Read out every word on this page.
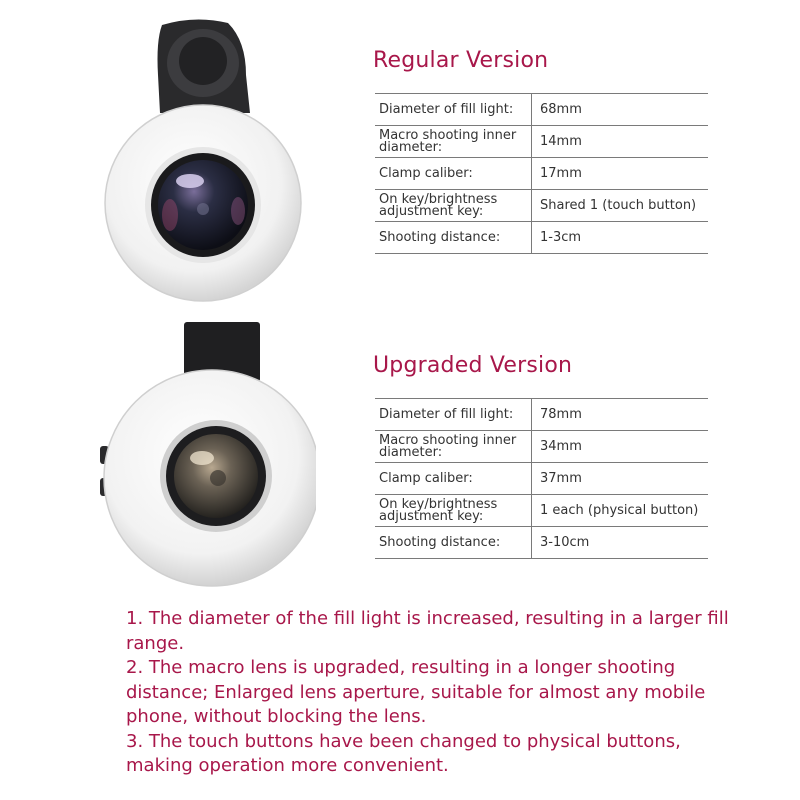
Regular Version
Diameter of fill light:	68mm
Macro shooting inner diameter:	14mm
Clamp caliber:	17mm
On key/brightness adjustment key:	Shared 1 (touch button)
Shooting distance:	1-3cm
Upgraded Version
Diameter of fill light:	78mm
Macro shooting inner diameter:	34mm
Clamp caliber:	37mm
On key/brightness adjustment key:	1 each (physical button)
Shooting distance:	3-10cm

1. The diameter of the fill light is increased, resulting in a larger fill range.

2. The macro lens is upgraded, resulting in a longer shooting distance; Enlarged lens aperture, suitable for almost any mobile phone, without blocking the lens.

3. The touch buttons have been changed to physical buttons, making operation more convenient.
